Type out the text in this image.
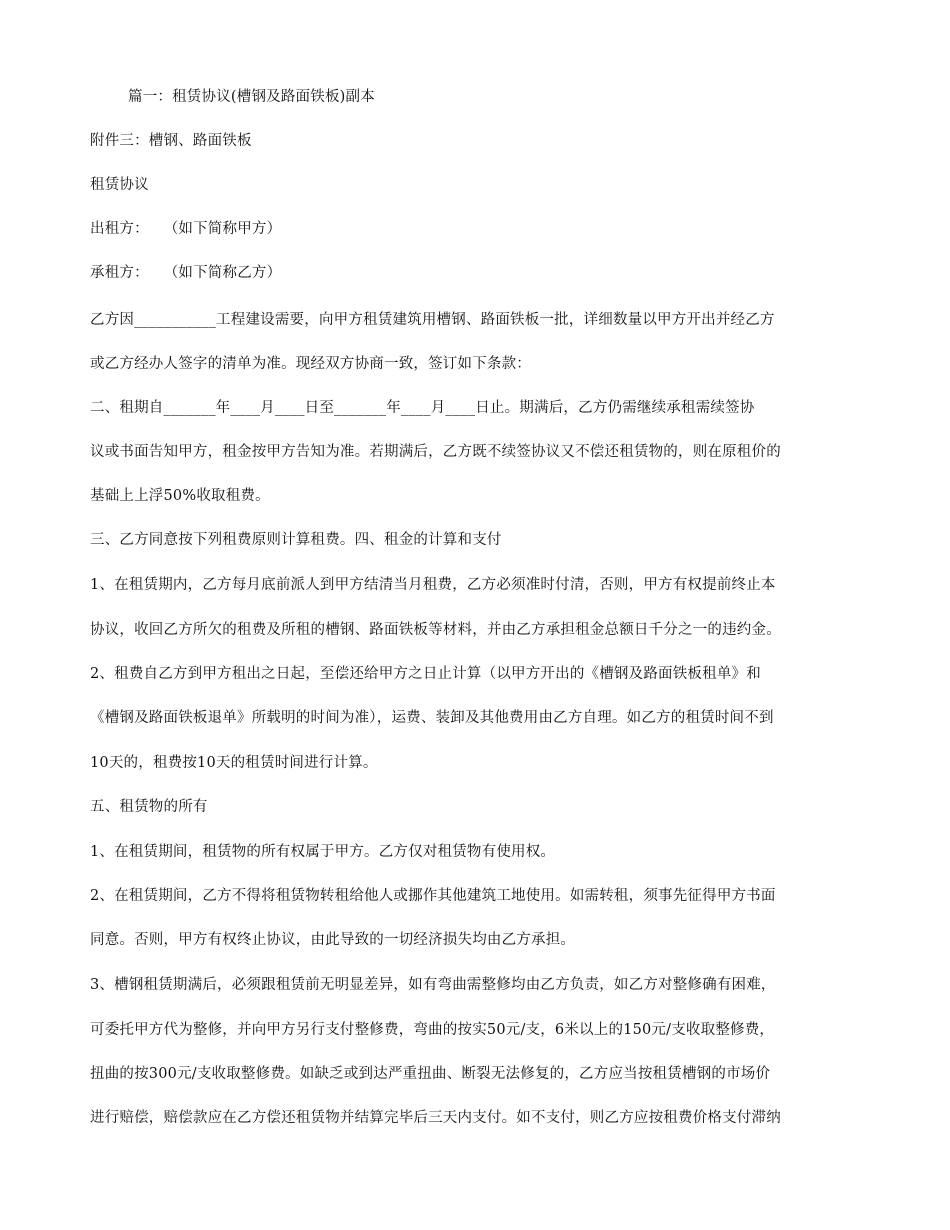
篇一：租赁协议(槽钢及路面铁板)副本
附件三：槽钢、路面铁板
租赁协议
出租方：　　（如下简称甲方）
承租方：　　（如下简称乙方）
乙方因___________工程建设需要，向甲方租赁建筑用槽钢、路面铁板一批，详细数量以甲方开出并经乙方
或乙方经办人签字的清单为准。现经双方协商一致，签订如下条款：
二、租期自_______年____月____日至_______年____月____日止。期满后，乙方仍需继续承租需续签协
议或书面告知甲方，租金按甲方告知为准。若期满后，乙方既不续签协议又不偿还租赁物的，则在原租价的
基础上上浮50%收取租费。
三、乙方同意按下列租费原则计算租费。四、租金的计算和支付
1、在租赁期内，乙方每月底前派人到甲方结清当月租费，乙方必须准时付清，否则，甲方有权提前终止本
协议，收回乙方所欠的租费及所租的槽钢、路面铁板等材料，并由乙方承担租金总额日千分之一的违约金。
2、租费自乙方到甲方租出之日起，至偿还给甲方之日止计算（以甲方开出的《槽钢及路面铁板租单》和
《槽钢及路面铁板退单》所载明的时间为准），运费、装卸及其他费用由乙方自理。如乙方的租赁时间不到
10天的，租费按10天的租赁时间进行计算。
五、租赁物的所有
1、在租赁期间，租赁物的所有权属于甲方。乙方仅对租赁物有使用权。
2、在租赁期间，乙方不得将租赁物转租给他人或挪作其他建筑工地使用。如需转租，须事先征得甲方书面
同意。否则，甲方有权终止协议，由此导致的一切经济损失均由乙方承担。
3、槽钢租赁期满后，必须跟租赁前无明显差异，如有弯曲需整修均由乙方负责，如乙方对整修确有困难，
可委托甲方代为整修，并向甲方另行支付整修费，弯曲的按实50元/支，6米以上的150元/支收取整修费，
扭曲的按300元/支收取整修费。如缺乏或到达严重扭曲、断裂无法修复的，乙方应当按租赁槽钢的市场价
进行赔偿，赔偿款应在乙方偿还租赁物并结算完毕后三天内支付。如不支付，则乙方应按租费价格支付滞纳
